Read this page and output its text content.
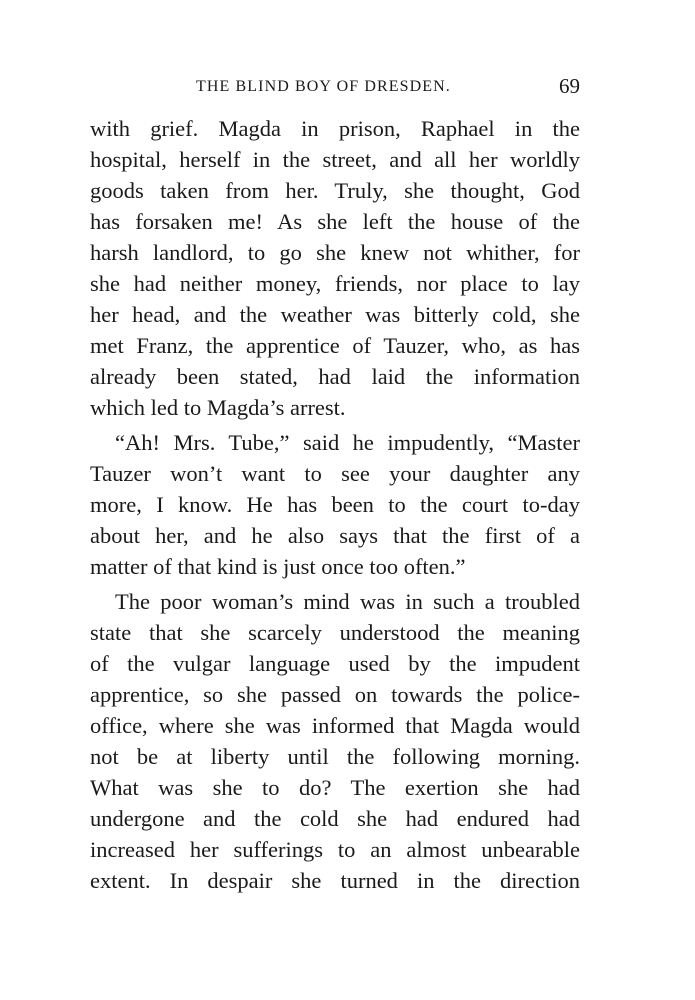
THE BLIND BOY OF DRESDEN.	69
with grief. Magda in prison, Raphael in the
hospital, herself in the street, and all her worldly
goods taken from her. Truly, she thought, God
has forsaken me! As she left the house of the
harsh landlord, to go she knew not whither, for
she had neither money, friends, nor place to lay
her head, and the weather was bitterly cold, she
met Franz, the apprentice of Tauzer, who, as has
already been stated, had laid the information
which led to Magda’s arrest.
“Ah! Mrs. Tube,” said he impudently, “Master
Tauzer won’t want to see your daughter any
more, I know. He has been to the court to-day
about her, and he also says that the first of a
matter of that kind is just once too often.”
The poor woman’s mind was in such a troubled
state that she scarcely understood the meaning
of the vulgar language used by the impudent
apprentice, so she passed on towards the police-
office, where she was informed that Magda would
not be at liberty until the following morning.
What was she to do? The exertion she had
undergone and the cold she had endured had
increased her sufferings to an almost unbearable
extent. In despair she turned in the direction
